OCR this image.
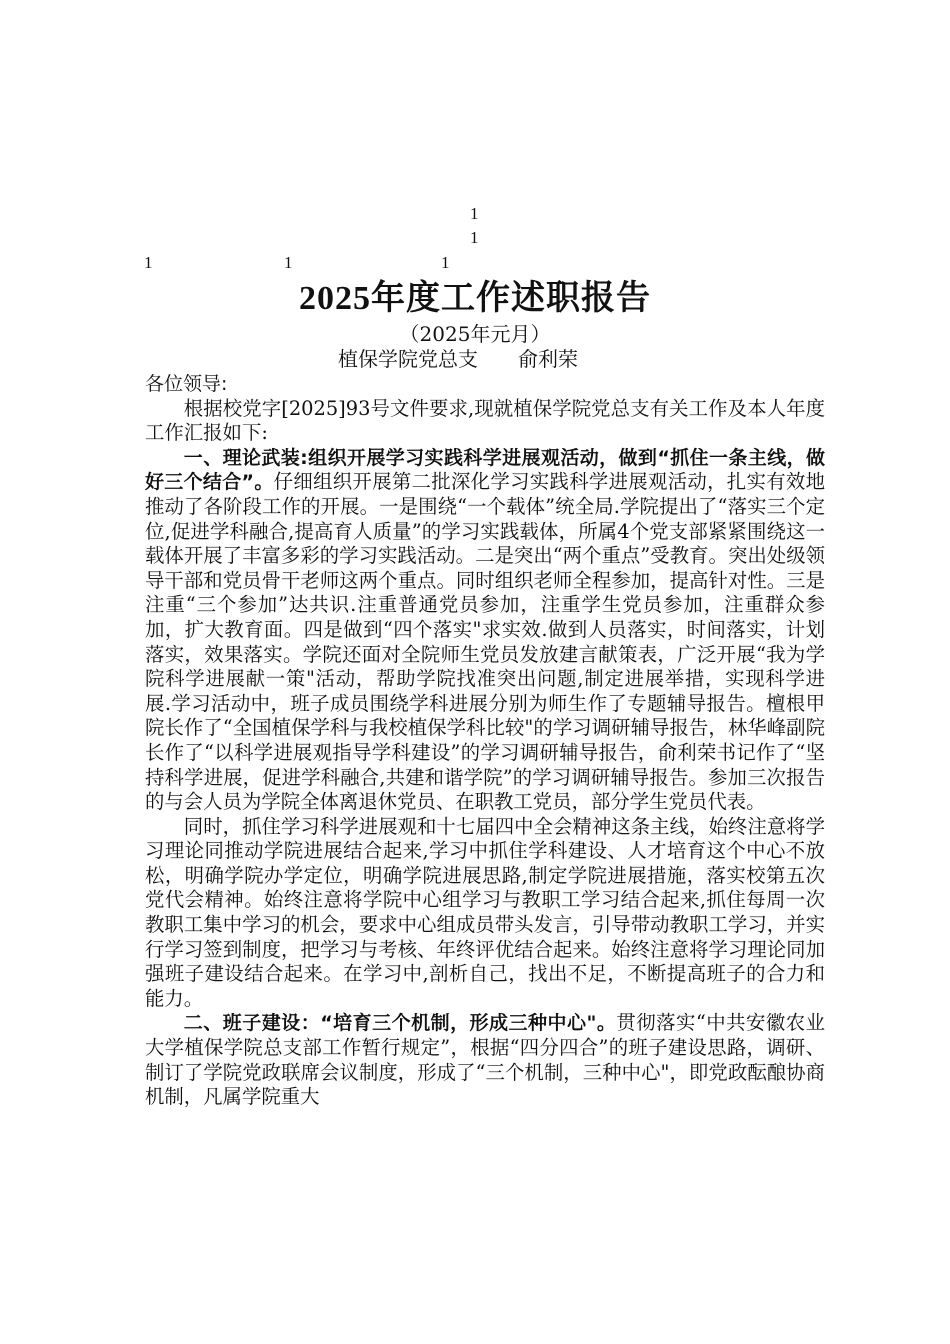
1
1
1	1	1
2025年度工作述职报告
（2025年元月）
植保学院党总支　　俞利荣

各位领导:

根据校党字[2025]93号文件要求,现就植保学院党总支有关工作及本人年度工作汇报如下:

一、理论武装:组织开展学习实践科学进展观活动，做到“抓住一条主线，做好三个结合”。仔细组织开展第二批深化学习实践科学进展观活动，扎实有效地推动了各阶段工作的开展。一是围绕“一个载体”统全局.学院提出了“落实三个定位,促进学科融合,提高育人质量”的学习实践载体，所属4个党支部紧紧围绕这一载体开展了丰富多彩的学习实践活动。二是突出“两个重点”受教育。突出处级领导干部和党员骨干老师这两个重点。同时组织老师全程参加，提高针对性。三是注重“三个参加”达共识.注重普通党员参加，注重学生党员参加，注重群众参加，扩大教育面。四是做到“四个落实"求实效.做到人员落实，时间落实，计划落实，效果落实。学院还面对全院师生党员发放建言献策表，广泛开展“我为学院科学进展献一策"活动，帮助学院找准突出问题,制定进展举措，实现科学进展.学习活动中，班子成员围绕学科进展分别为师生作了专题辅导报告。檀根甲院长作了“全国植保学科与我校植保学科比较"的学习调研辅导报告，林华峰副院长作了“以科学进展观指导学科建设”的学习调研辅导报告，俞利荣书记作了“坚持科学进展，促进学科融合,共建和谐学院”的学习调研辅导报告。参加三次报告的与会人员为学院全体离退休党员、在职教工党员，部分学生党员代表。

同时，抓住学习科学进展观和十七届四中全会精神这条主线，始终注意将学习理论同推动学院进展结合起来,学习中抓住学科建设、人才培育这个中心不放松，明确学院办学定位，明确学院进展思路,制定学院进展措施，落实校第五次党代会精神。始终注意将学院中心组学习与教职工学习结合起来,抓住每周一次教职工集中学习的机会，要求中心组成员带头发言，引导带动教职工学习，并实行学习签到制度，把学习与考核、年终评优结合起来。始终注意将学习理论同加强班子建设结合起来。在学习中,剖析自己，找出不足，不断提高班子的合力和能力。

二、班子建设：“培育三个机制，形成三种中心"。贯彻落实“中共安徽农业大学植保学院总支部工作暂行规定”，根据“四分四合”的班子建设思路，调研、制订了学院党政联席会议制度，形成了“三个机制，三种中心"，即党政酝酿协商机制，凡属学院重大
